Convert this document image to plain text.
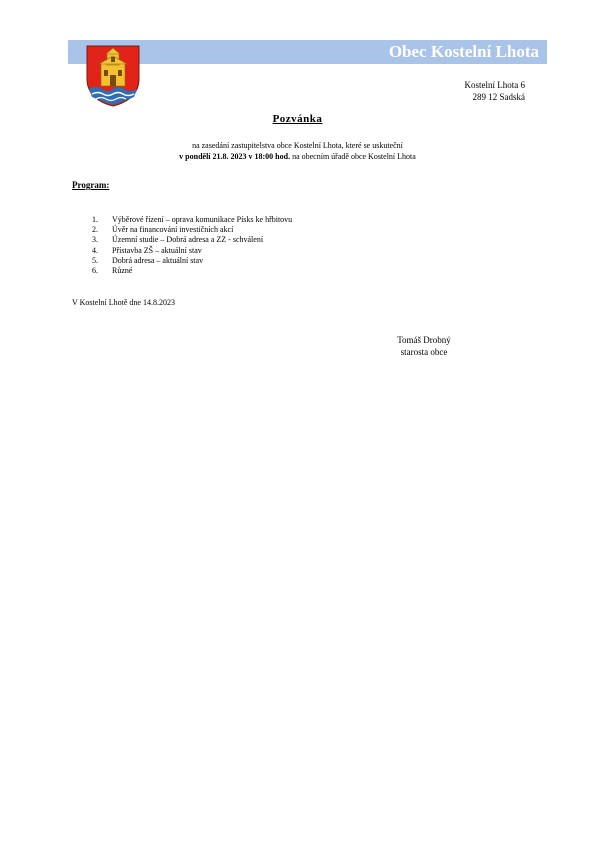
Obec Kostelní Lhota
Kostelní Lhota 6
289 12 Sadská
Pozvánka
na zasedání zastupitelstva obce Kostelní Lhota, které se uskuteční
v pondělí 21.8. 2023 v 18:00 hod. na obecním úřadě obce Kostelní Lhota
Program:
1. Výběrové řízení – oprava komunikace Písks ke hřbitovu
2. Úvěr na financování investičních akcí
3. Územní studie – Dobrá adresa a ZZ - schválení
4. Přístavba ZŠ – aktuální stav
5. Dobrá adresa – aktuální stav
6. Různé
V Kostelní Lhotě dne 14.8.2023
Tomáš Drobný
starosta obce
